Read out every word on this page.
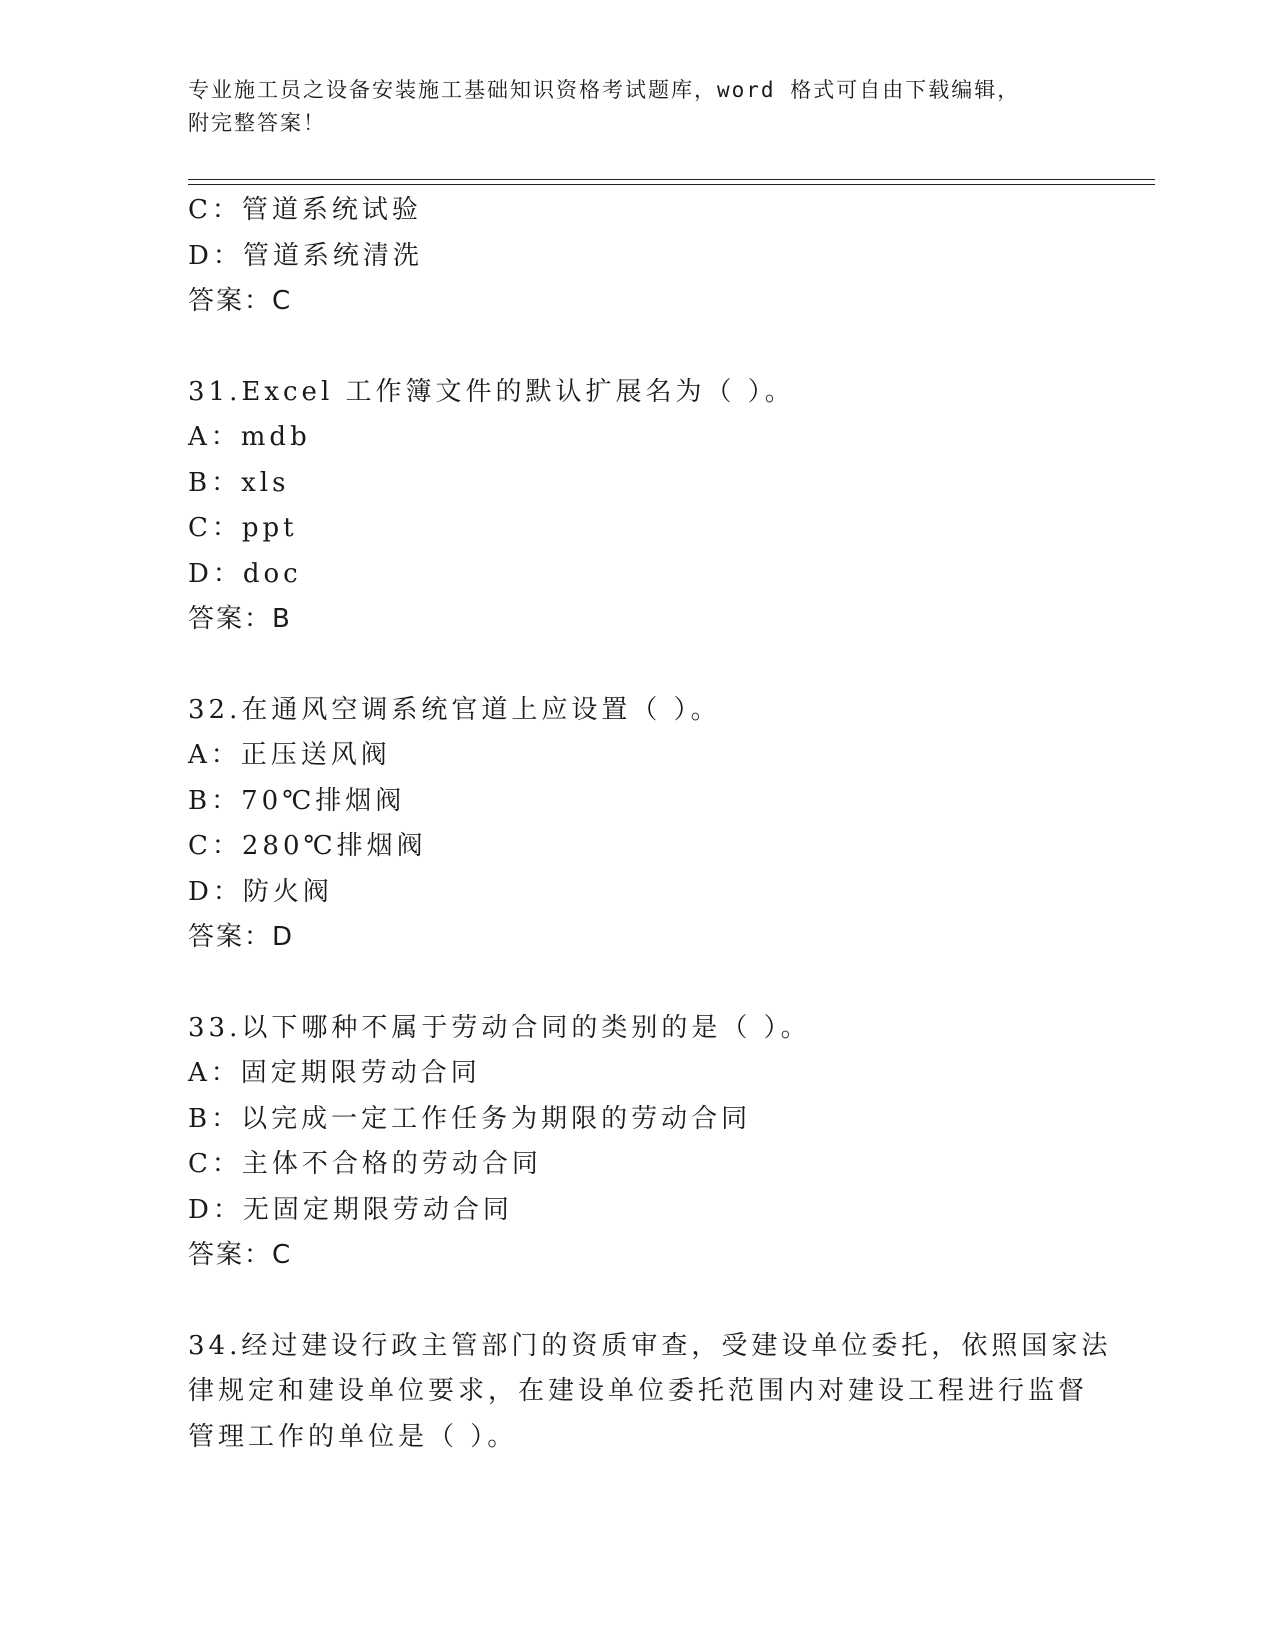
专业施工员之设备安装施工基础知识资格考试题库，word 格式可自由下载编辑，
附完整答案！
C：管道系统试验
D：管道系统清洗
答案：C
31.Excel 工作簿文件的默认扩展名为（ ）。
A：mdb
B：xls
C：ppt
D：doc
答案：B
32.在通风空调系统官道上应设置（ ）。
A：正压送风阀
B：70℃排烟阀
C：280℃排烟阀
D：防火阀
答案：D
33.以下哪种不属于劳动合同的类别的是（ ）。
A：固定期限劳动合同
B：以完成一定工作任务为期限的劳动合同
C：主体不合格的劳动合同
D：无固定期限劳动合同
答案：C
34.经过建设行政主管部门的资质审查，受建设单位委托，依照国家法
律规定和建设单位要求，在建设单位委托范围内对建设工程进行监督
管理工作的单位是（ ）。
